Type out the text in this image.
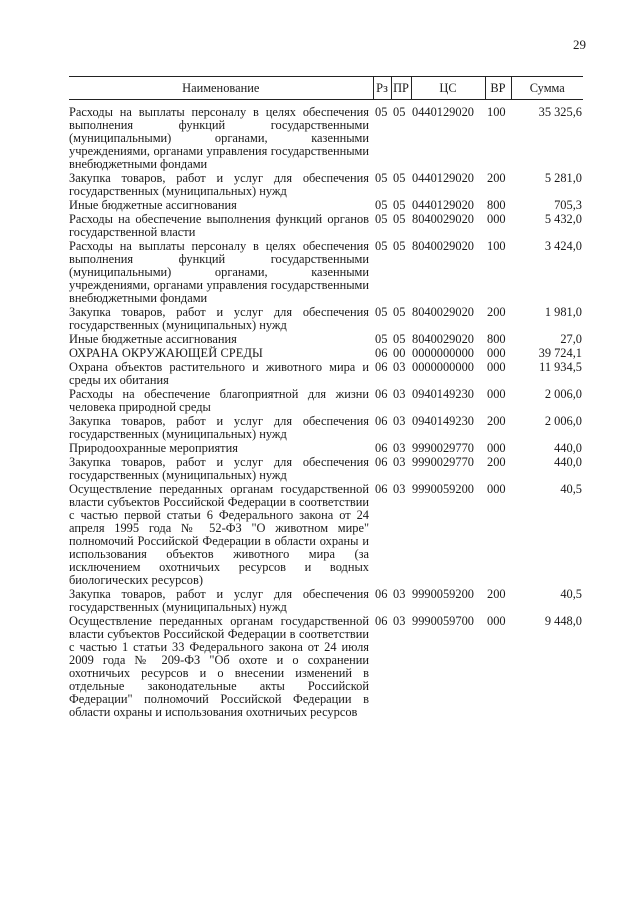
29
Наименование	Рз	ПР	ЦС	ВР	Сумма
Расходы на выплаты персоналу в целях обеспечения выполнения функций государственными (муниципальными) органами, казенными учреждениями, органами управления государственными внебюджетными фондами	05	05	0440129020	100	35 325,6
Закупка товаров, работ и услуг для обеспечения государственных (муниципальных) нужд	05	05	0440129020	200	5 281,0
Иные бюджетные ассигнования	05	05	0440129020	800	705,3
Расходы на обеспечение выполнения функций органов государственной власти	05	05	8040029020	000	5 432,0
Расходы на выплаты персоналу в целях обеспечения выполнения функций государственными (муниципальными) органами, казенными учреждениями, органами управления государственными внебюджетными фондами	05	05	8040029020	100	3 424,0
Закупка товаров, работ и услуг для обеспечения государственных (муниципальных) нужд	05	05	8040029020	200	1 981,0
Иные бюджетные ассигнования	05	05	8040029020	800	27,0
ОХРАНА ОКРУЖАЮЩЕЙ СРЕДЫ	06	00	0000000000	000	39 724,1
Охрана объектов растительного и животного мира и среды их обитания	06	03	0000000000	000	11 934,5
Расходы на обеспечение благоприятной для жизни человека природной среды	06	03	0940149230	000	2 006,0
Закупка товаров, работ и услуг для обеспечения государственных (муниципальных) нужд	06	03	0940149230	200	2 006,0
Природоохранные мероприятия	06	03	9990029770	000	440,0
Закупка товаров, работ и услуг для обеспечения государственных (муниципальных) нужд	06	03	9990029770	200	440,0
Осуществление переданных органам государственной власти субъектов Российской Федерации в соответствии с частью первой статьи 6 Федерального закона от 24 апреля 1995 года № 52-ФЗ "О животном мире" полномочий Российской Федерации в области охраны и использования объектов животного мира (за исключением охотничьих ресурсов и водных биологических ресурсов)	06	03	9990059200	000	40,5
Закупка товаров, работ и услуг для обеспечения государственных (муниципальных) нужд	06	03	9990059200	200	40,5
Осуществление переданных органам государственной власти субъектов Российской Федерации в соответствии с частью 1 статьи 33 Федерального закона от 24 июля 2009 года № 209-ФЗ "Об охоте и о сохранении охотничьих ресурсов и о внесении изменений в отдельные законодательные акты Российской Федерации" полномочий Российской Федерации в области охраны и использования охотничьих ресурсов	06	03	9990059700	000	9 448,0
